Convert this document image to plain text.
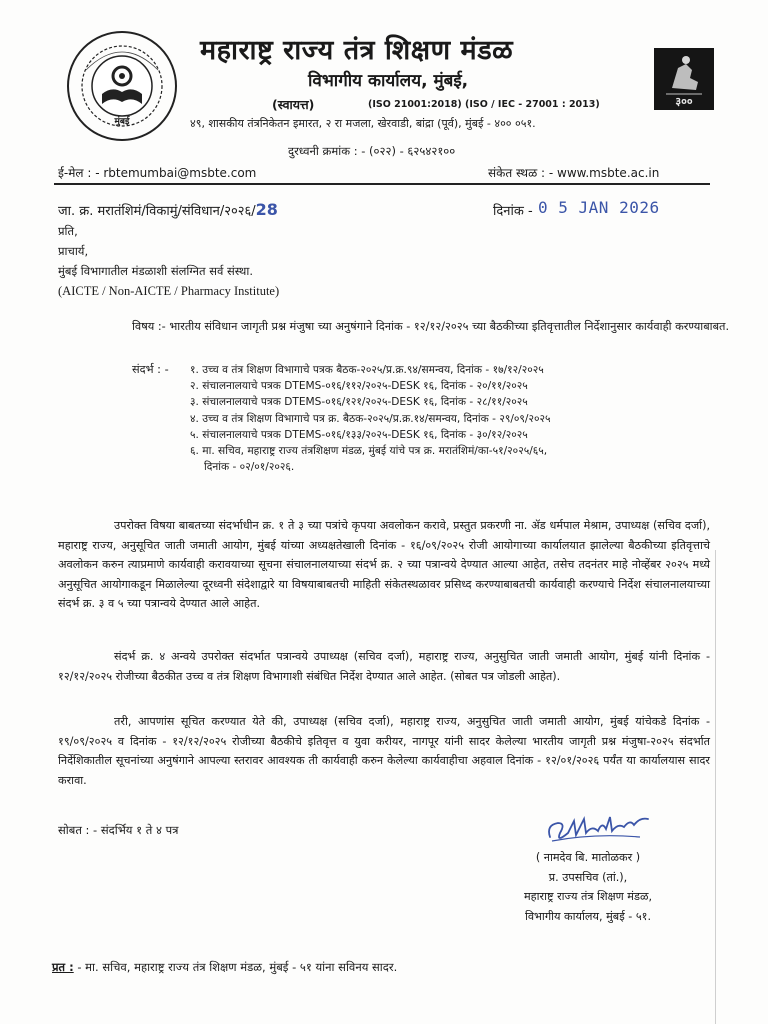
मुंबई
३००
महाराष्ट्र राज्य तंत्र शिक्षण मंडळ
विभागीय कार्यालय, मुंबई,
(स्वायत्त)	(ISO 21001:2018) (ISO / IEC - 27001 : 2013)
४९, शासकीय तंत्रनिकेतन इमारत, २ रा मजला, खेरवाडी, बांद्रा (पूर्व), मुंबई - ४०० ०५१.
दुरध्वनी क्रमांक : - (०२२) - ६२५४२१००
ई-मेल : - rbtemumbai@msbte.com	संकेत स्थळ : - www.msbte.ac.in
जा. क्र. मरातंशिमं/विकामुं/संविधान/२०२६/28	दिनांक - 0 5 JAN 2026
प्रति,
प्राचार्य,
मुंबई विभागातील मंडळाशी संलग्नित सर्व संस्था.
(AICTE / Non-AICTE / Pharmacy Institute)
विषय :- भारतीय संविधान जागृती प्रश्न मंजुषा च्या अनुषंगाने दिनांक - १२/१२/२०२५ च्या बैठकीच्या इतिवृत्तातील निर्देशानुसार कार्यवाही करण्याबाबत.
संदर्भ : - १. उच्च व तंत्र शिक्षण विभागाचे पत्रक बैठक-२०२५/प्र.क्र.९४/समन्वय, दिनांक - १७/१२/२०२५
२. संचालनालयाचे पत्रक DTEMS-०१६/११२/२०२५-DESK १६, दिनांक - २०/११/२०२५
३. संचालनालयाचे पत्रक DTEMS-०१६/१२१/२०२५-DESK १६, दिनांक - २८/११/२०२५
४. उच्च व तंत्र शिक्षण विभागाचे पत्र क्र. बैठक-२०२५/प्र.क्र.१४/समन्वय, दिनांक - २९/०९/२०२५
५. संचालनालयाचे पत्रक DTEMS-०१६/१३३/२०२५-DESK १६, दिनांक - ३०/१२/२०२५
६. मा. सचिव, महाराष्ट्र राज्य तंत्रशिक्षण मंडळ, मुंबई यांचे पत्र क्र. मरातंशिमं/का-५१/२०२५/६५,
दिनांक - ०२/०१/२०२६.
उपरोक्त विषया बाबतच्या संदर्भाधीन क्र. १ ते ३ च्या पत्रांचे कृपया अवलोकन करावे, प्रस्तुत प्रकरणी ना. ॲड धर्मपाल मेश्राम, उपाध्यक्ष (सचिव दर्जा), महाराष्ट्र राज्य, अनुसूचित जाती जमाती आयोग, मुंबई यांच्या अध्यक्षतेखाली दिनांक - १६/०९/२०२५ रोजी आयोगाच्या कार्यालयात झालेल्या बैठकीच्या इतिवृत्ताचे अवलोकन करुन त्याप्रमाणे कार्यवाही करावयाच्या सूचना संचालनालयाच्या संदर्भ क्र. २ च्या पत्रान्वये देण्यात आल्या आहेत, तसेच तदनंतर माहे नोव्हेंबर २०२५ मध्ये अनुसूचित आयोगाकडून मिळालेल्या दूरध्वनी संदेशाद्वारे या विषयाबाबतची माहिती संकेतस्थळावर प्रसिध्द करण्याबाबतची कार्यवाही करण्याचे निर्देश संचालनालयाच्या संदर्भ क्र. ३ व ५ च्या पत्रान्वये देण्यात आले आहेत.
संदर्भ क्र. ४ अन्वये उपरोक्त संदर्भात पत्रान्वये उपाध्यक्ष (सचिव दर्जा), महाराष्ट्र राज्य, अनुसुचित जाती जमाती आयोग, मुंबई यांनी दिनांक - १२/१२/२०२५ रोजीच्या बैठकीत उच्च व तंत्र शिक्षण विभागाशी संबंधित निर्देश देण्यात आले आहेत. (सोबत पत्र जोडली आहेत).
तरी, आपणांस सूचित करण्यात येते की, उपाध्यक्ष (सचिव दर्जा), महाराष्ट्र राज्य, अनुसुचित जाती जमाती आयोग, मुंबई यांचेकडे दिनांक - १९/०९/२०२५ व दिनांक - १२/१२/२०२५ रोजीच्या बैठकीचे इतिवृत्त व युवा करीयर, नागपूर यांनी सादर केलेल्या भारतीय जागृती प्रश्न मंजुषा-२०२५ संदर्भात निर्देशिकातील सूचनांच्या अनुषंगाने आपल्या स्तरावर आवश्यक ती कार्यवाही करुन केलेल्या कार्यवाहीचा अहवाल दिनांक - १२/०१/२०२६ पर्यंत या कार्यालयास सादर करावा.
सोबत : - संदर्भिय १ ते ४ पत्र
( नामदेव बि. मातोळकर )
प्र. उपसचिव (तां.),
महाराष्ट्र राज्य तंत्र शिक्षण मंडळ,
विभागीय कार्यालय, मुंबई - ५१.
प्रत : - मा. सचिव, महाराष्ट्र राज्य तंत्र शिक्षण मंडळ, मुंबई - ५१ यांना सविनय सादर.
